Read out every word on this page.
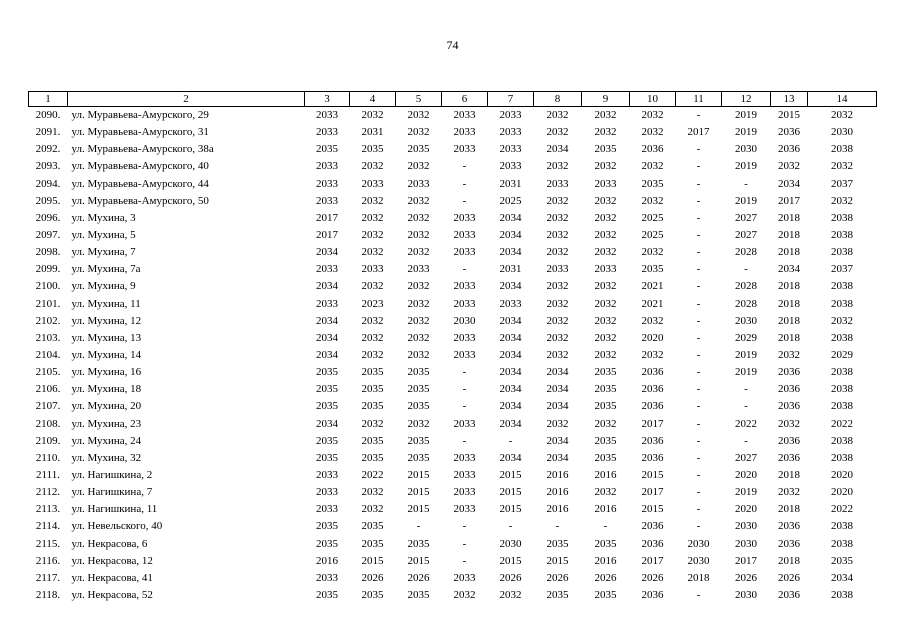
74
1	2	3	4	5	6	7	8	9	10	11	12	13	14
2090.	ул. Муравьева-Амурского, 29	2033	2032	2032	2033	2033	2032	2032	2032	-	2019	2015	2032
2091.	ул. Муравьева-Амурского, 31	2033	2031	2032	2033	2033	2032	2032	2032	2017	2019	2036	2030
2092.	ул. Муравьева-Амурского, 38а	2035	2035	2035	2033	2033	2034	2035	2036	-	2030	2036	2038
2093.	ул. Муравьева-Амурского, 40	2033	2032	2032	-	2033	2032	2032	2032	-	2019	2032	2032
2094.	ул. Муравьева-Амурского, 44	2033	2033	2033	-	2031	2033	2033	2035	-	-	2034	2037
2095.	ул. Муравьева-Амурского, 50	2033	2032	2032	-	2025	2032	2032	2032	-	2019	2017	2032
2096.	ул. Мухина, 3	2017	2032	2032	2033	2034	2032	2032	2025	-	2027	2018	2038
2097.	ул. Мухина, 5	2017	2032	2032	2033	2034	2032	2032	2025	-	2027	2018	2038
2098.	ул. Мухина, 7	2034	2032	2032	2033	2034	2032	2032	2032	-	2028	2018	2038
2099.	ул. Мухина, 7а	2033	2033	2033	-	2031	2033	2033	2035	-	-	2034	2037
2100.	ул. Мухина, 9	2034	2032	2032	2033	2034	2032	2032	2021	-	2028	2018	2038
2101.	ул. Мухина, 11	2033	2023	2032	2033	2033	2032	2032	2021	-	2028	2018	2038
2102.	ул. Мухина, 12	2034	2032	2032	2030	2034	2032	2032	2032	-	2030	2018	2032
2103.	ул. Мухина, 13	2034	2032	2032	2033	2034	2032	2032	2020	-	2029	2018	2038
2104.	ул. Мухина, 14	2034	2032	2032	2033	2034	2032	2032	2032	-	2019	2032	2029
2105.	ул. Мухина, 16	2035	2035	2035	-	2034	2034	2035	2036	-	2019	2036	2038
2106.	ул. Мухина, 18	2035	2035	2035	-	2034	2034	2035	2036	-	-	2036	2038
2107.	ул. Мухина, 20	2035	2035	2035	-	2034	2034	2035	2036	-	-	2036	2038
2108.	ул. Мухина, 23	2034	2032	2032	2033	2034	2032	2032	2017	-	2022	2032	2022
2109.	ул. Мухина, 24	2035	2035	2035	-	-	2034	2035	2036	-	-	2036	2038
2110.	ул. Мухина, 32	2035	2035	2035	2033	2034	2034	2035	2036	-	2027	2036	2038
2111.	ул. Нагишкина, 2	2033	2022	2015	2033	2015	2016	2016	2015	-	2020	2018	2020
2112.	ул. Нагишкина, 7	2033	2032	2015	2033	2015	2016	2032	2017	-	2019	2032	2020
2113.	ул. Нагишкина, 11	2033	2032	2015	2033	2015	2016	2016	2015	-	2020	2018	2022
2114.	ул. Невельского, 40	2035	2035	-	-	-	-	-	2036	-	2030	2036	2038
2115.	ул. Некрасова, 6	2035	2035	2035	-	2030	2035	2035	2036	2030	2030	2036	2038
2116.	ул. Некрасова, 12	2016	2015	2015	-	2015	2015	2016	2017	2030	2017	2018	2035
2117.	ул. Некрасова, 41	2033	2026	2026	2033	2026	2026	2026	2026	2018	2026	2026	2034
2118.	ул. Некрасова, 52	2035	2035	2035	2032	2032	2035	2035	2036	-	2030	2036	2038
